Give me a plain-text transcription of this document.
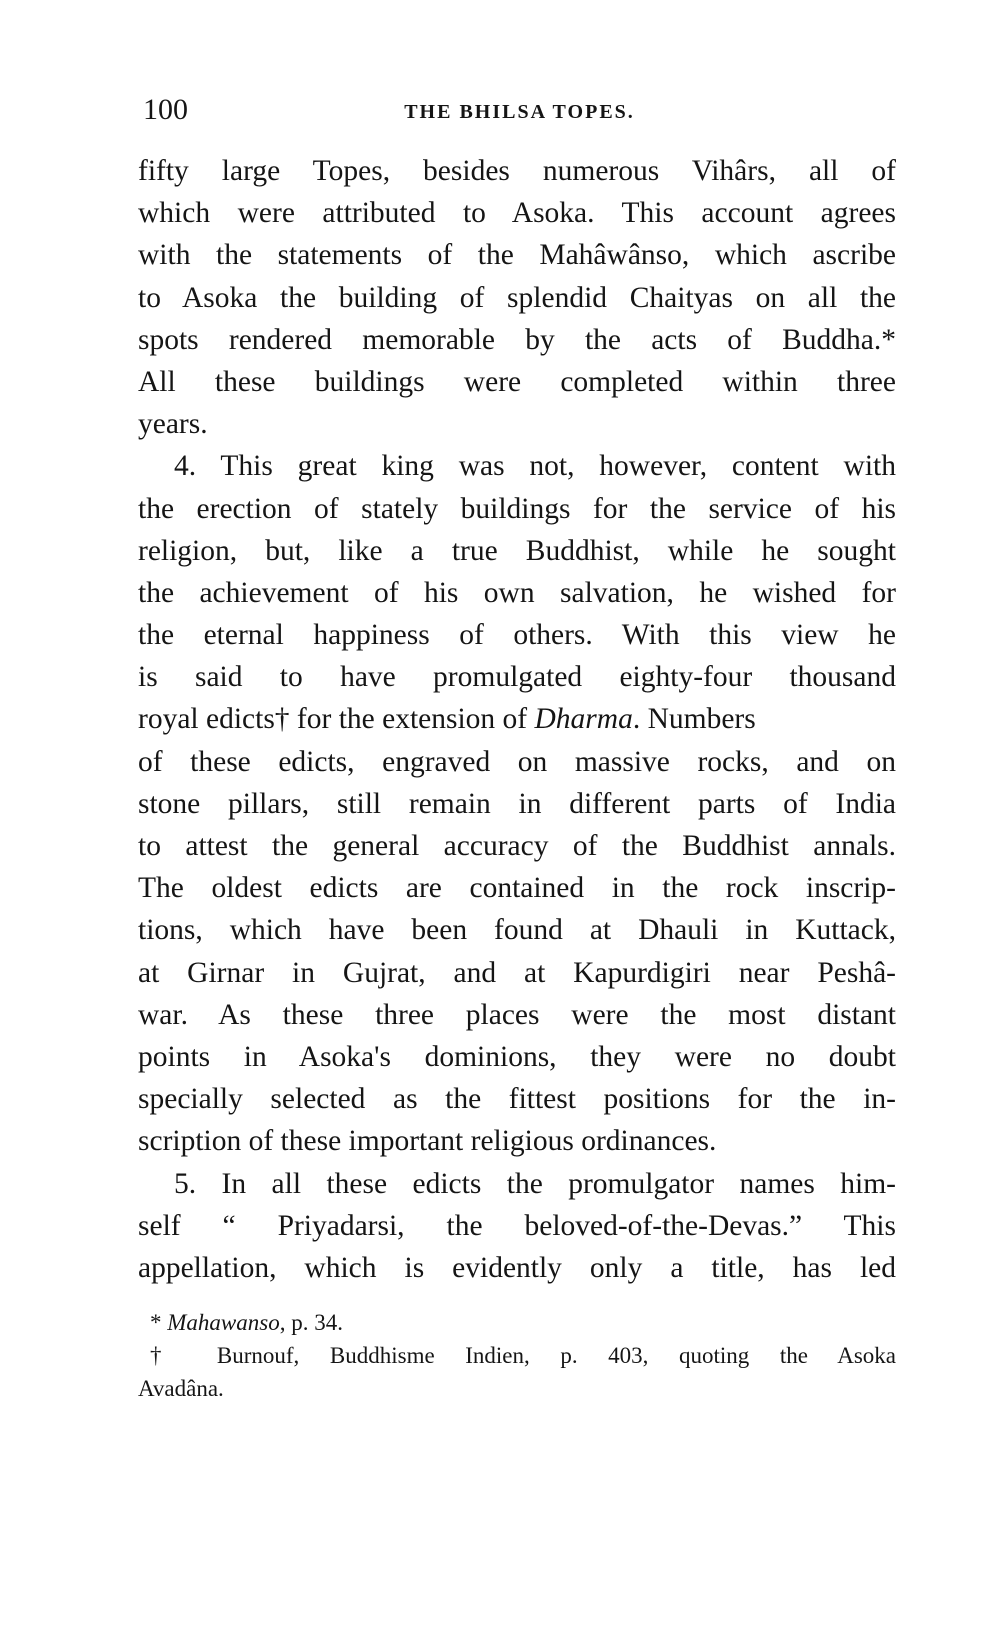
100	THE BHILSA TOPES.
fifty large Topes, besides numerous Vihârs, all of
which were attributed to Asoka. This account agrees
with the statements of the Mahâwânso, which ascribe
to Asoka the building of splendid Chaityas on all the
spots rendered memorable by the acts of Buddha.*
All these buildings were completed within three
years.
4. This great king was not, however, content with
the erection of stately buildings for the service of his
religion, but, like a true Buddhist, while he sought
the achievement of his own salvation, he wished for
the eternal happiness of others. With this view he
is said to have promulgated eighty-four thousand
royal edicts† for the extension of Dharma. Numbers
of these edicts, engraved on massive rocks, and on
stone pillars, still remain in different parts of India
to attest the general accuracy of the Buddhist annals.
The oldest edicts are contained in the rock inscrip-
tions, which have been found at Dhauli in Kuttack,
at Girnar in Gujrat, and at Kapurdigiri near Peshâ-
war. As these three places were the most distant
points in Asoka's dominions, they were no doubt
specially selected as the fittest positions for the in-
scription of these important religious ordinances.
5. In all these edicts the promulgator names him-
self “ Priyadarsi, the beloved-of-the-Devas.” This
appellation, which is evidently only a title, has led
* Mahawanso, p. 34.
† Burnouf, Buddhisme Indien, p. 403, quoting the Asoka
Avadâna.
